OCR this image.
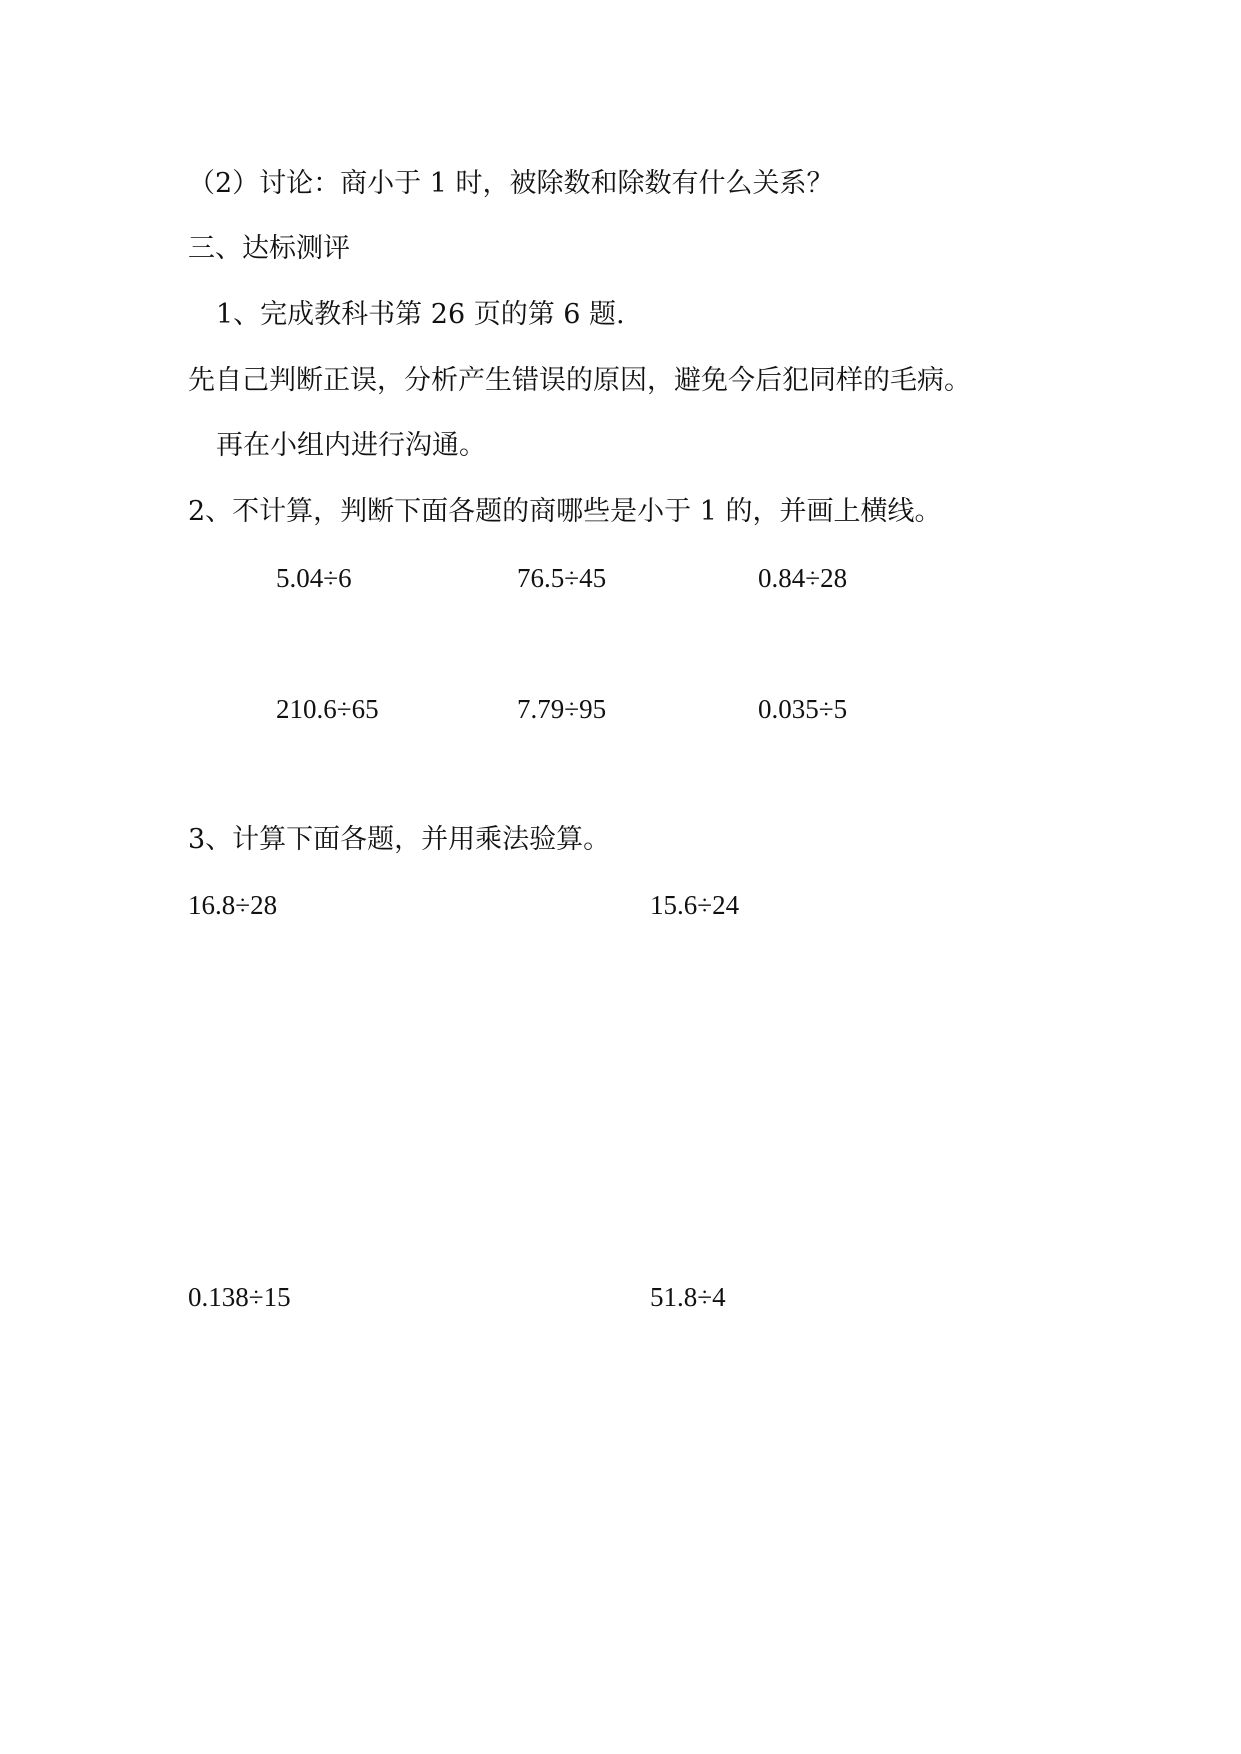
（2）讨论：商小于 1 时，被除数和除数有什么关系？
三、达标测评
1、完成教科书第 26 页的第 6 题.
先自己判断正误，分析产生错误的原因，避免今后犯同样的毛病。
再在小组内进行沟通。
2、不计算，判断下面各题的商哪些是小于 1 的，并画上横线。
5.04÷6	76.5÷45	0.84÷28
210.6÷65	7.79÷95	0.035÷5
3、计算下面各题，并用乘法验算。
16.8÷28	15.6÷24
0.138÷15	51.8÷4
